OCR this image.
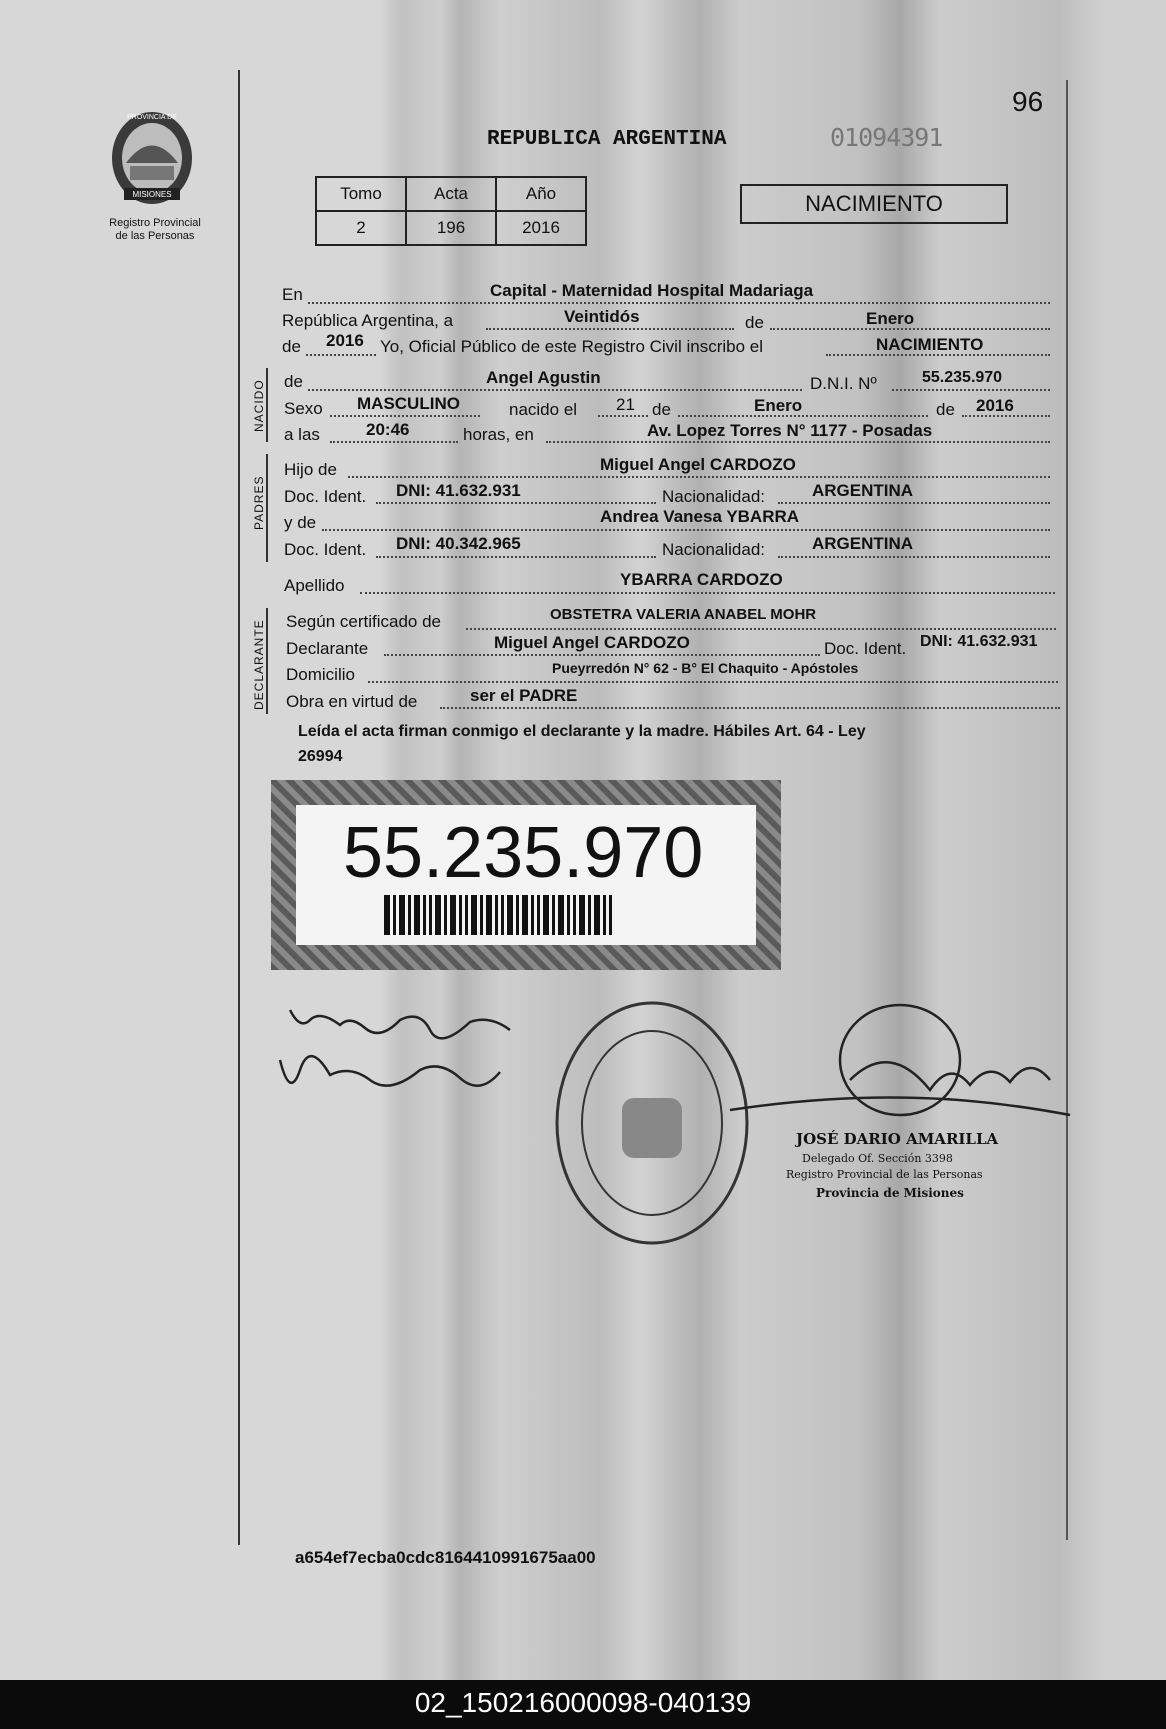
PROVINCIA DE
MISIONES
Registro Provincial
de las Personas
96
REPUBLICA ARGENTINA	01094391
Tomo	Acta	Año
2	196	2016
NACIMIENTO
En	Capital - Maternidad Hospital Madariaga
República Argentina, a	Veintidós	de	Enero
de 2016 Yo, Oficial Público de este Registro Civil inscribo el	NACIMIENTO
NACIDO de	Angel Agustin	D.N.I. Nº	55.235.970
Sexo MASCULINO	nacido el 21 de	Enero	de 2016
a las	20:46	horas, en	Av. Lopez Torres N° 1177 - Posadas
PADRES
Hijo de	Miguel Angel CARDOZO
Doc. Ident. DNI: 41.632.931	Nacionalidad:	ARGENTINA
y de	Andrea Vanesa YBARRA
Doc. Ident. DNI: 40.342.965	Nacionalidad:	ARGENTINA
Apellido	YBARRA CARDOZO
DECLARANTE Según certificado de	OBSTETRA VALERIA ANABEL MOHR
Declarante	Miguel Angel CARDOZO	Doc. Ident. DNI: 41.632.931
Domicilio	Pueyrredón N° 62 - B° El Chaquito - Apóstoles
Obra en virtud de	ser el PADRE
Leída el acta firman conmigo el declarante y la madre. Hábiles Art. 64 - Ley
26994
55.235.970
JOSÉ DARIO AMARILLA
Delegado Of. Sección 3398
Registro Provincial de las Personas
Provincia de Misiones
a654ef7ecba0cdc8164410991675aa00
02_150216000098-040139
